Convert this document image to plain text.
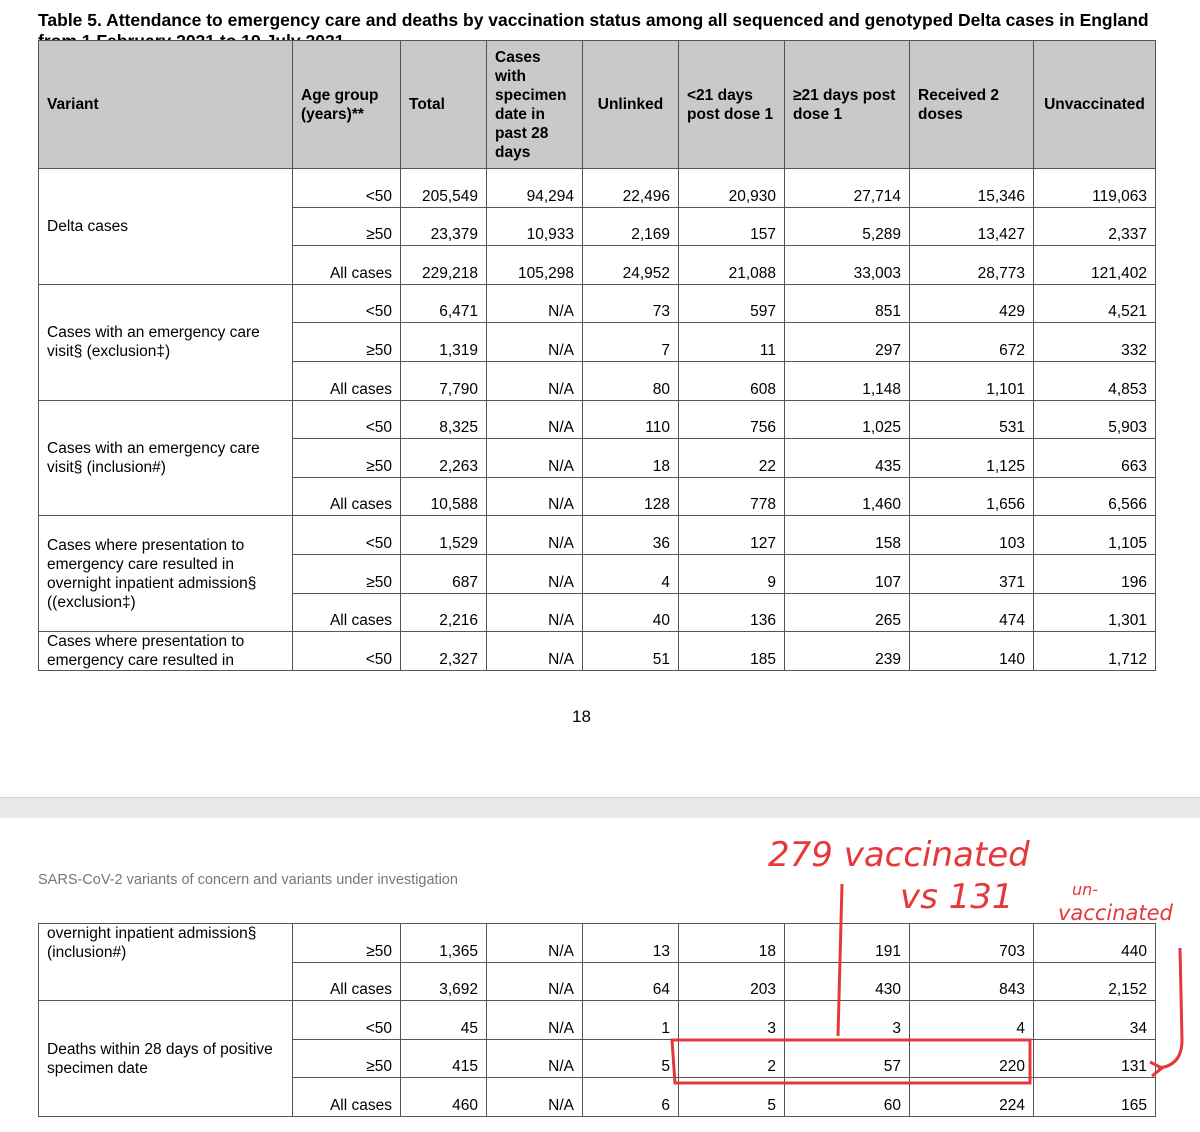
Table 5. Attendance to emergency care and deaths by vaccination status among all sequenced and genotyped Delta cases in England
Variant	Age group (years)**	Total	Cases with specimen date in past 28 days	Unlinked	<21 days post dose 1	≥21 days post dose 1	Received 2 doses	Unvaccinated
Delta cases	<50	205,549	94,294	22,496	20,930	27,714	15,346	119,063
	≥50	23,379	10,933	2,169	157	5,289	13,427	2,337
	All cases	229,218	105,298	24,952	21,088	33,003	28,773	121,402
Cases with an emergency care visit§ (exclusion‡)	<50	6,471	N/A	73	597	851	429	4,521
	≥50	1,319	N/A	7	11	297	672	332
	All cases	7,790	N/A	80	608	1,148	1,101	4,853
Cases with an emergency care visit§ (inclusion#)	<50	8,325	N/A	110	756	1,025	531	5,903
	≥50	2,263	N/A	18	22	435	1,125	663
	All cases	10,588	N/A	128	778	1,460	1,656	6,566
Cases where presentation to emergency care resulted in overnight inpatient admission§ ((exclusion‡)	<50	1,529	N/A	36	127	158	103	1,105
	≥50	687	N/A	4	9	107	371	196
	All cases	2,216	N/A	40	136	265	474	1,301
Cases where presentation to emergency care resulted in	<50	2,327	N/A	51	185	239	140	1,712
18
SARS-CoV-2 variants of concern and variants under investigation
overnight inpatient admission§ (inclusion#)	≥50	1,365	N/A	13	18	191	703	440
	All cases	3,692	N/A	64	203	430	843	2,152
Deaths within 28 days of positive specimen date	<50	45	N/A	1	3	3	4	34
	≥50	415	N/A	5	2	57	220	131
	All cases	460	N/A	6	5	60	224	165
279 vaccinated
vs 131	un-
vaccinated
